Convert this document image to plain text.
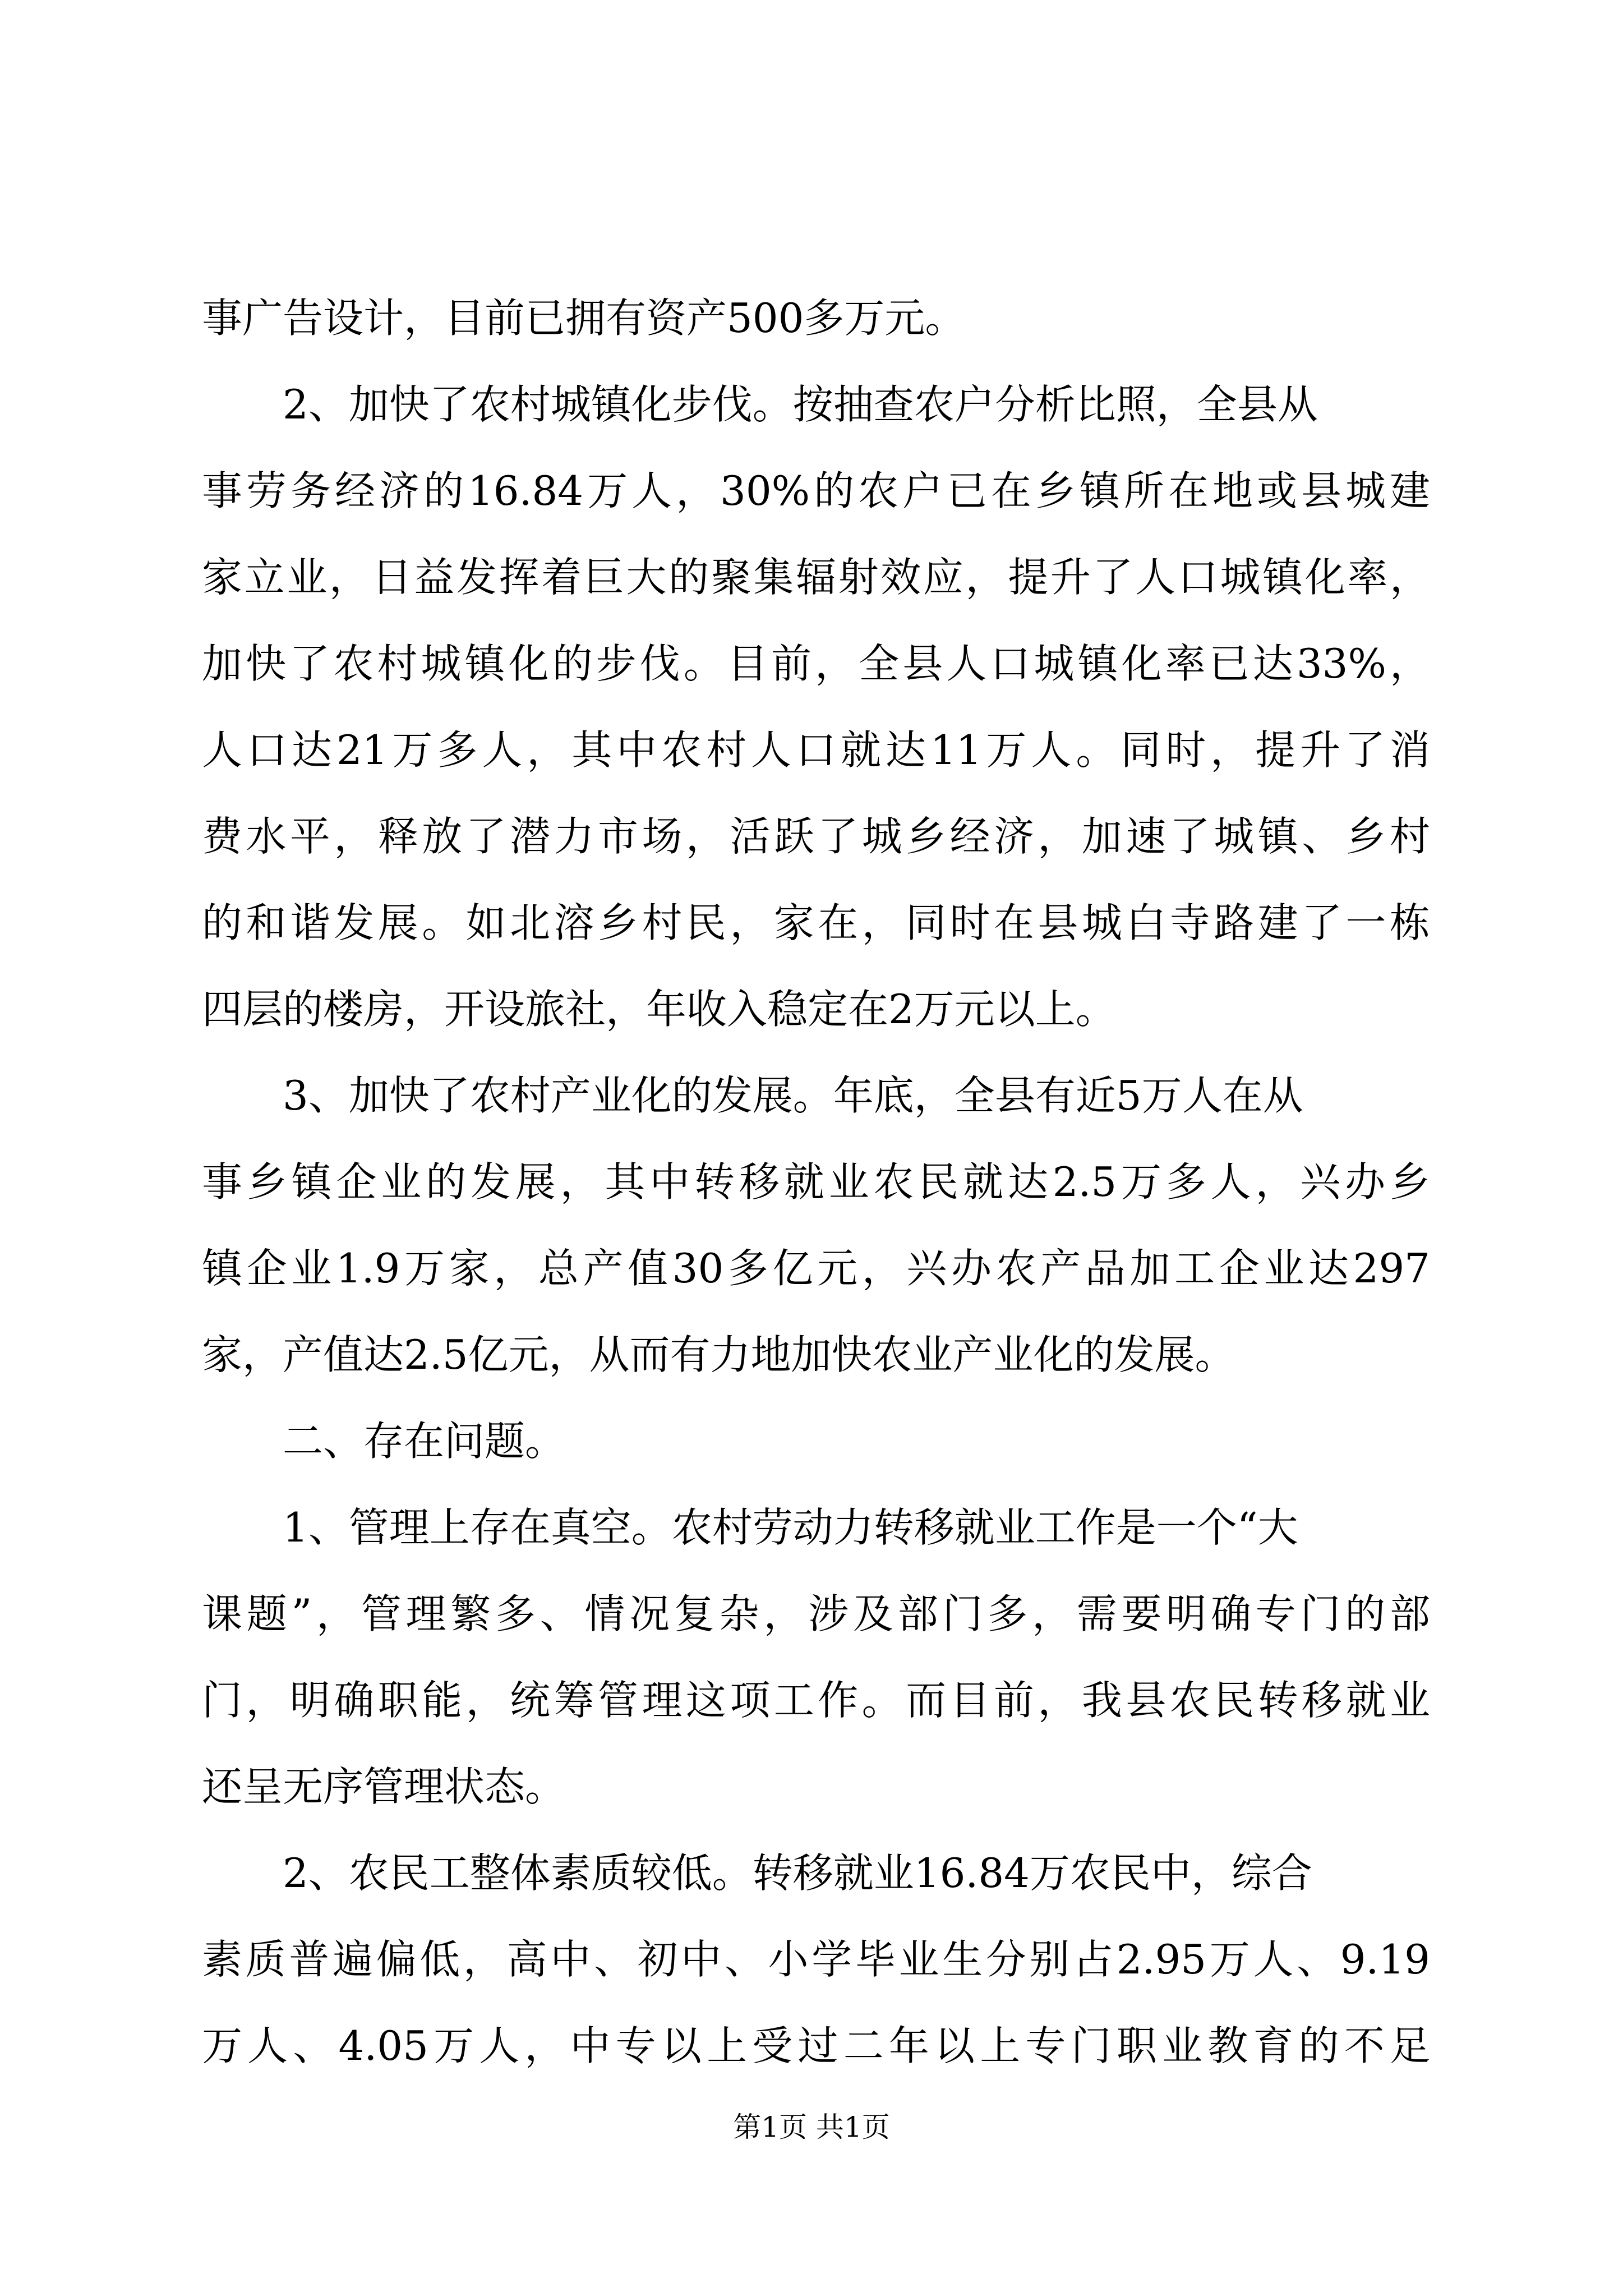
事广告设计，目前已拥有资产500多万元。
2、加快了农村城镇化步伐。按抽查农户分析比照，全县从
事劳务经济的16.84万人，30%的农户已在乡镇所在地或县城建
家立业，日益发挥着巨大的聚集辐射效应，提升了人口城镇化率，
加快了农村城镇化的步伐。目前，全县人口城镇化率已达33%，
人口达21万多人，其中农村人口就达11万人。同时，提升了消
费水平，释放了潜力市场，活跃了城乡经济，加速了城镇、乡村
的和谐发展。如北溶乡村民，家在，同时在县城白寺路建了一栋
四层的楼房，开设旅社，年收入稳定在2万元以上。
3、加快了农村产业化的发展。年底，全县有近5万人在从
事乡镇企业的发展，其中转移就业农民就达2.5万多人，兴办乡
镇企业1.9万家，总产值30多亿元，兴办农产品加工企业达297
家，产值达2.5亿元，从而有力地加快农业产业化的发展。
二、存在问题。
1、管理上存在真空。农村劳动力转移就业工作是一个“大
课题”，管理繁多、情况复杂，涉及部门多，需要明确专门的部
门，明确职能，统筹管理这项工作。而目前，我县农民转移就业
还呈无序管理状态。
2、农民工整体素质较低。转移就业16.84万农民中，综合
素质普遍偏低，高中、初中、小学毕业生分别占2.95万人、9.19
万人、4.05万人，中专以上受过二年以上专门职业教育的不足
第1页 共1页
